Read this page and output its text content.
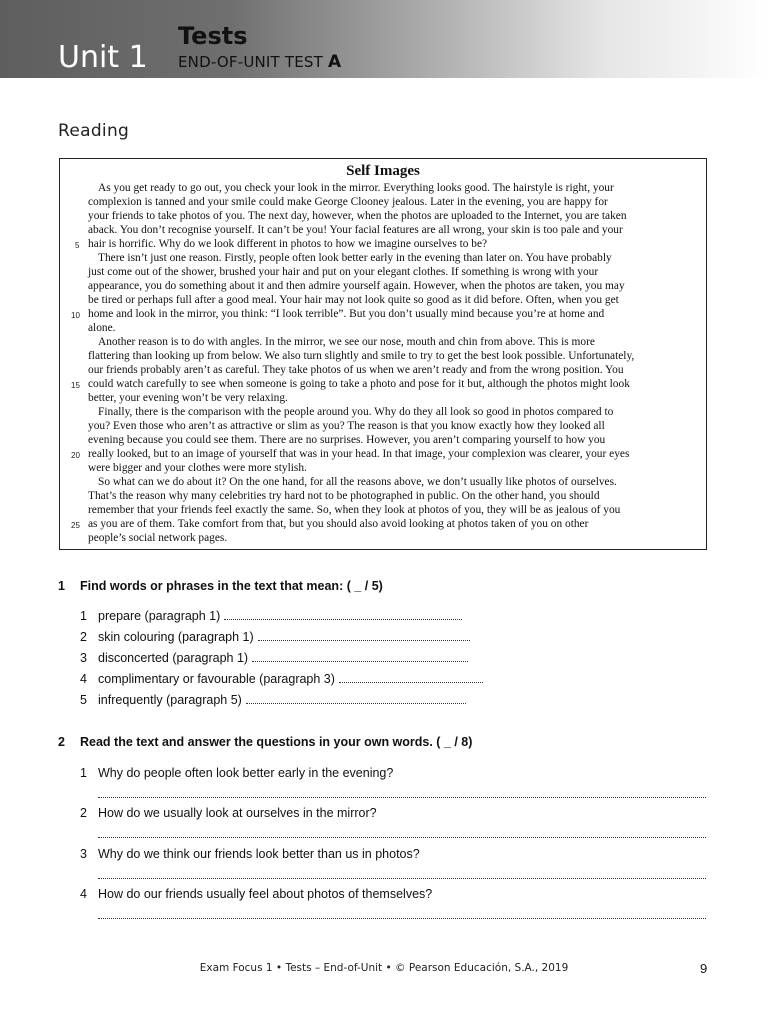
Unit 1
Tests
END-OF-UNIT TEST A
Reading
Self Images
As you get ready to go out, you check your look in the mirror. Everything looks good. The hairstyle is right, your
complexion is tanned and your smile could make George Clooney jealous. Later in the evening, you are happy for
your friends to take photos of you. The next day, however, when the photos are uploaded to the Internet, you are taken
aback. You don’t recognise yourself. It can’t be you! Your facial features are all wrong, your skin is too pale and your
hair is horrific. Why do we look different in photos to how we imagine ourselves to be?
There isn’t just one reason. Firstly, people often look better early in the evening than later on. You have probably
just come out of the shower, brushed your hair and put on your elegant clothes. If something is wrong with your
appearance, you do something about it and then admire yourself again. However, when the photos are taken, you may
be tired or perhaps full after a good meal. Your hair may not look quite so good as it did before. Often, when you get
home and look in the mirror, you think: “I look terrible”. But you don’t usually mind because you’re at home and
alone.
Another reason is to do with angles. In the mirror, we see our nose, mouth and chin from above. This is more
flattering than looking up from below. We also turn slightly and smile to try to get the best look possible. Unfortunately,
our friends probably aren’t as careful. They take photos of us when we aren’t ready and from the wrong position. You
could watch carefully to see when someone is going to take a photo and pose for it but, although the photos might look
better, your evening won’t be very relaxing.
Finally, there is the comparison with the people around you. Why do they all look so good in photos compared to
you? Even those who aren’t as attractive or slim as you? The reason is that you know exactly how they looked all
evening because you could see them. There are no surprises. However, you aren’t comparing yourself to how you
really looked, but to an image of yourself that was in your head. In that image, your complexion was clearer, your eyes
were bigger and your clothes were more stylish.
So what can we do about it? On the one hand, for all the reasons above, we don’t usually like photos of ourselves.
That’s the reason why many celebrities try hard not to be photographed in public. On the other hand, you should
remember that your friends feel exactly the same. So, when they look at photos of you, they will be as jealous of you
as you are of them. Take comfort from that, but you should also avoid looking at photos taken of you on other
people’s social network pages.
5
10
15
20
25
1 Find words or phrases in the text that mean: ( _ / 5)
1 prepare (paragraph 1)
2 skin colouring (paragraph 1)
3 disconcerted (paragraph 1)
4 complimentary or favourable (paragraph 3)
5 infrequently (paragraph 5)
2 Read the text and answer the questions in your own words. ( _ / 8)
1 Why do people often look better early in the evening?
2 How do we usually look at ourselves in the mirror?
3 Why do we think our friends look better than us in photos?
4 How do our friends usually feel about photos of themselves?
Exam Focus 1 • Tests – End-of-Unit • © Pearson Educación, S.A., 2019	9
